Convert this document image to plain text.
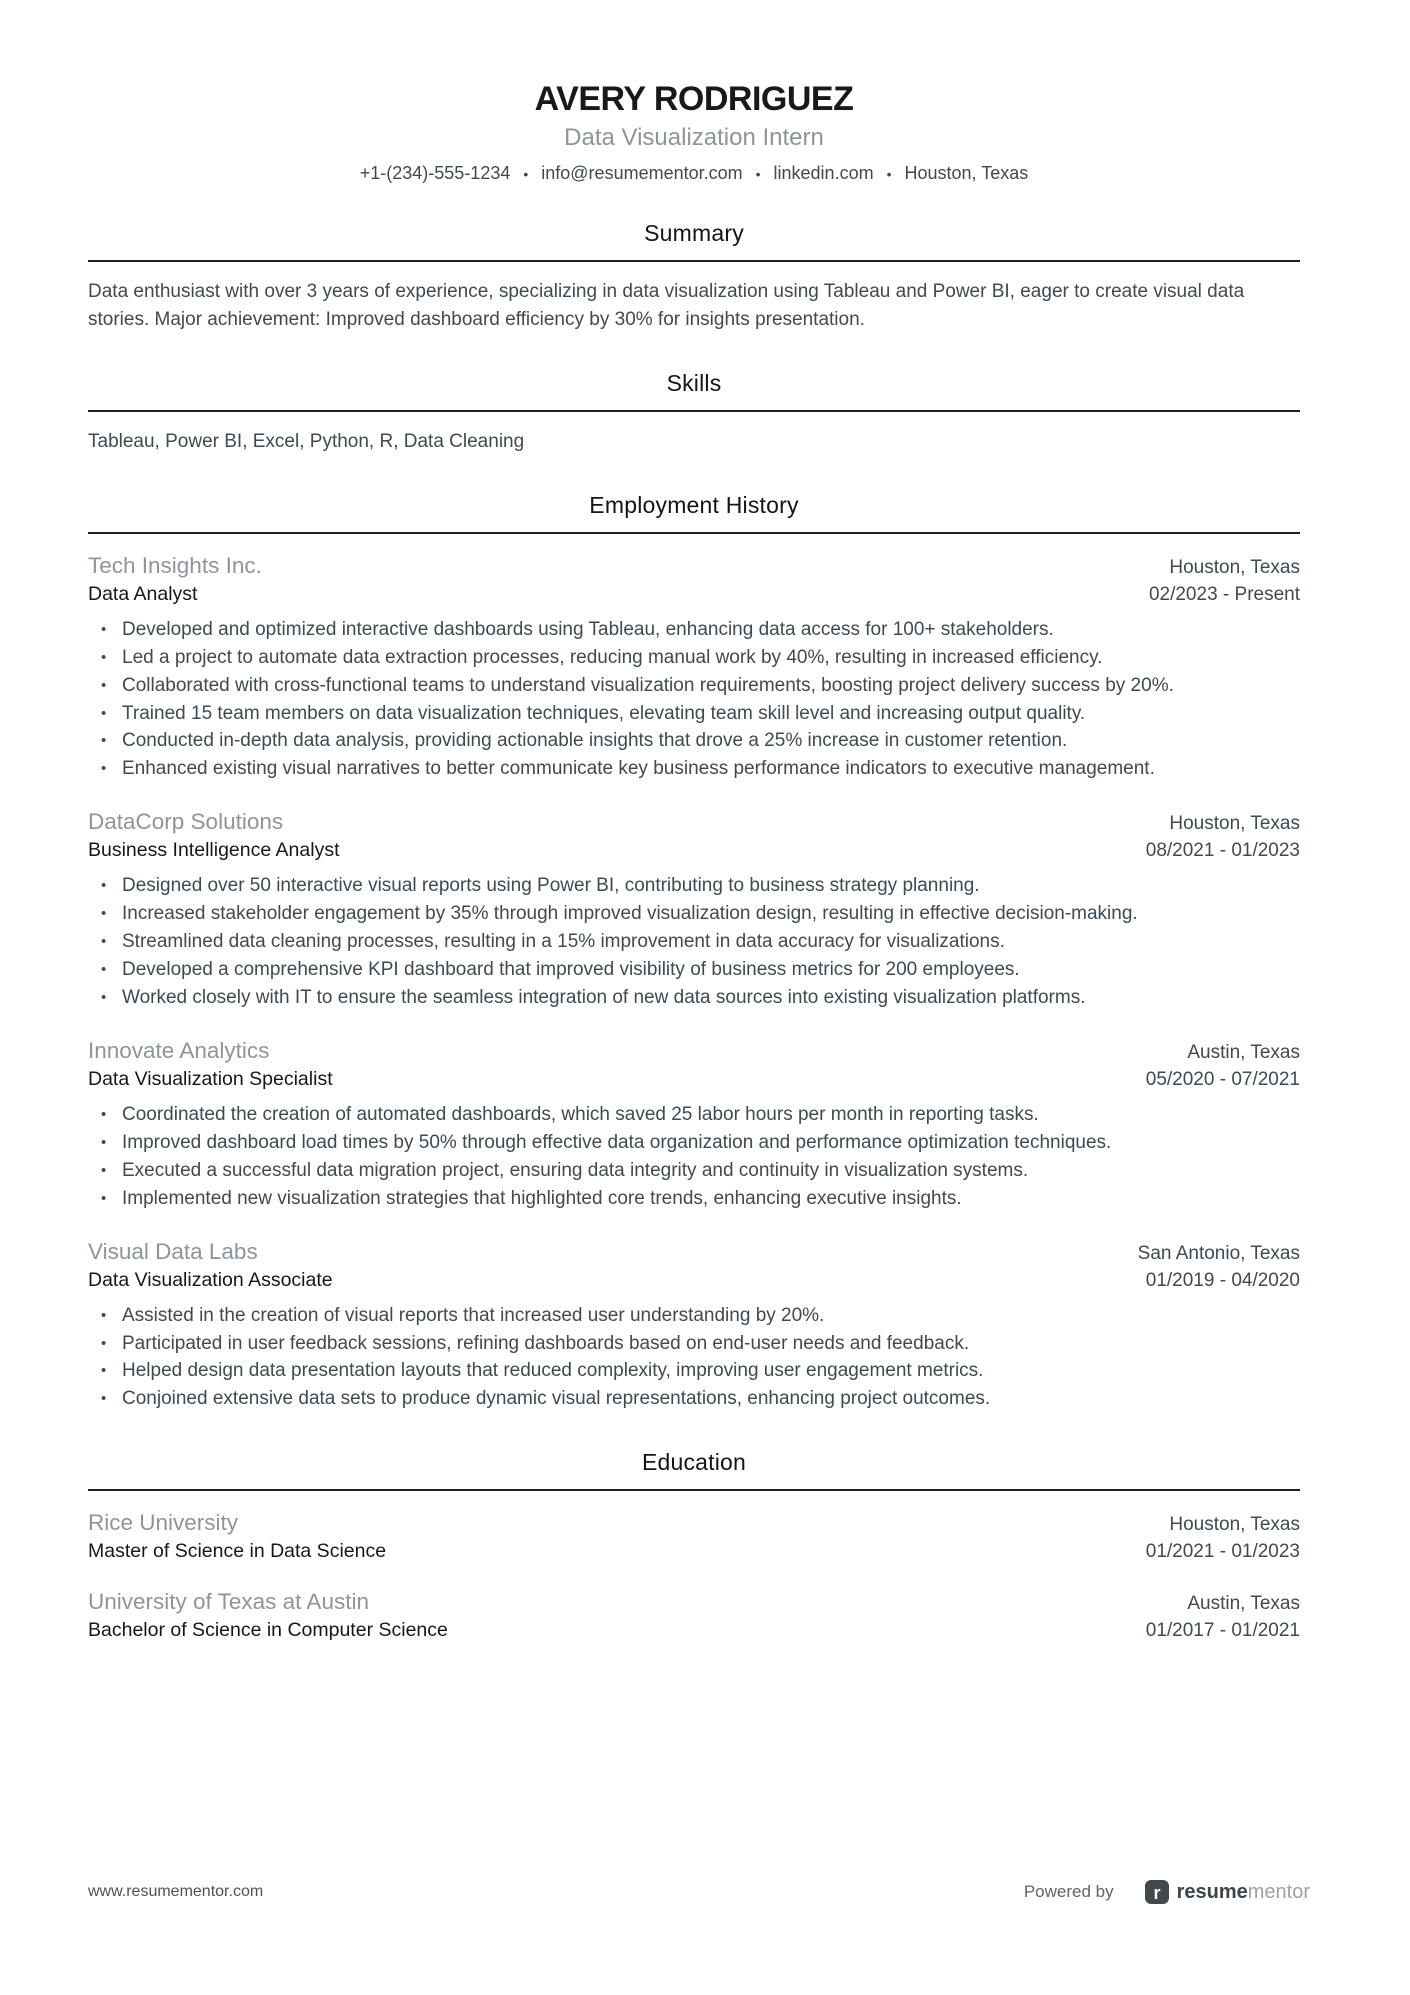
AVERY RODRIGUEZ
Data Visualization Intern
+1-(234)-555-1234 • info@resumementor.com • linkedin.com • Houston, Texas
Summary
Data enthusiast with over 3 years of experience, specializing in data visualization using Tableau and Power BI, eager to create visual data stories. Major achievement: Improved dashboard efficiency by 30% for insights presentation.
Skills
Tableau, Power BI, Excel, Python, R, Data Cleaning
Employment History
Tech Insights Inc.	Houston, Texas
Data Analyst	02/2023 - Present
• Developed and optimized interactive dashboards using Tableau, enhancing data access for 100+ stakeholders.
• Led a project to automate data extraction processes, reducing manual work by 40%, resulting in increased efficiency.
• Collaborated with cross-functional teams to understand visualization requirements, boosting project delivery success by 20%.
• Trained 15 team members on data visualization techniques, elevating team skill level and increasing output quality.
• Conducted in-depth data analysis, providing actionable insights that drove a 25% increase in customer retention.
• Enhanced existing visual narratives to better communicate key business performance indicators to executive management.
DataCorp Solutions	Houston, Texas
Business Intelligence Analyst	08/2021 - 01/2023
• Designed over 50 interactive visual reports using Power BI, contributing to business strategy planning.
• Increased stakeholder engagement by 35% through improved visualization design, resulting in effective decision-making.
• Streamlined data cleaning processes, resulting in a 15% improvement in data accuracy for visualizations.
• Developed a comprehensive KPI dashboard that improved visibility of business metrics for 200 employees.
• Worked closely with IT to ensure the seamless integration of new data sources into existing visualization platforms.
Innovate Analytics	Austin, Texas
Data Visualization Specialist	05/2020 - 07/2021
• Coordinated the creation of automated dashboards, which saved 25 labor hours per month in reporting tasks.
• Improved dashboard load times by 50% through effective data organization and performance optimization techniques.
• Executed a successful data migration project, ensuring data integrity and continuity in visualization systems.
• Implemented new visualization strategies that highlighted core trends, enhancing executive insights.
Visual Data Labs	San Antonio, Texas
Data Visualization Associate	01/2019 - 04/2020
• Assisted in the creation of visual reports that increased user understanding by 20%.
• Participated in user feedback sessions, refining dashboards based on end-user needs and feedback.
• Helped design data presentation layouts that reduced complexity, improving user engagement metrics.
• Conjoined extensive data sets to produce dynamic visual representations, enhancing project outcomes.
Education
Rice University	Houston, Texas
Master of Science in Data Science	01/2021 - 01/2023
University of Texas at Austin	Austin, Texas
Bachelor of Science in Computer Science	01/2017 - 01/2021
www.resumementor.com	Powered by r resumementor
